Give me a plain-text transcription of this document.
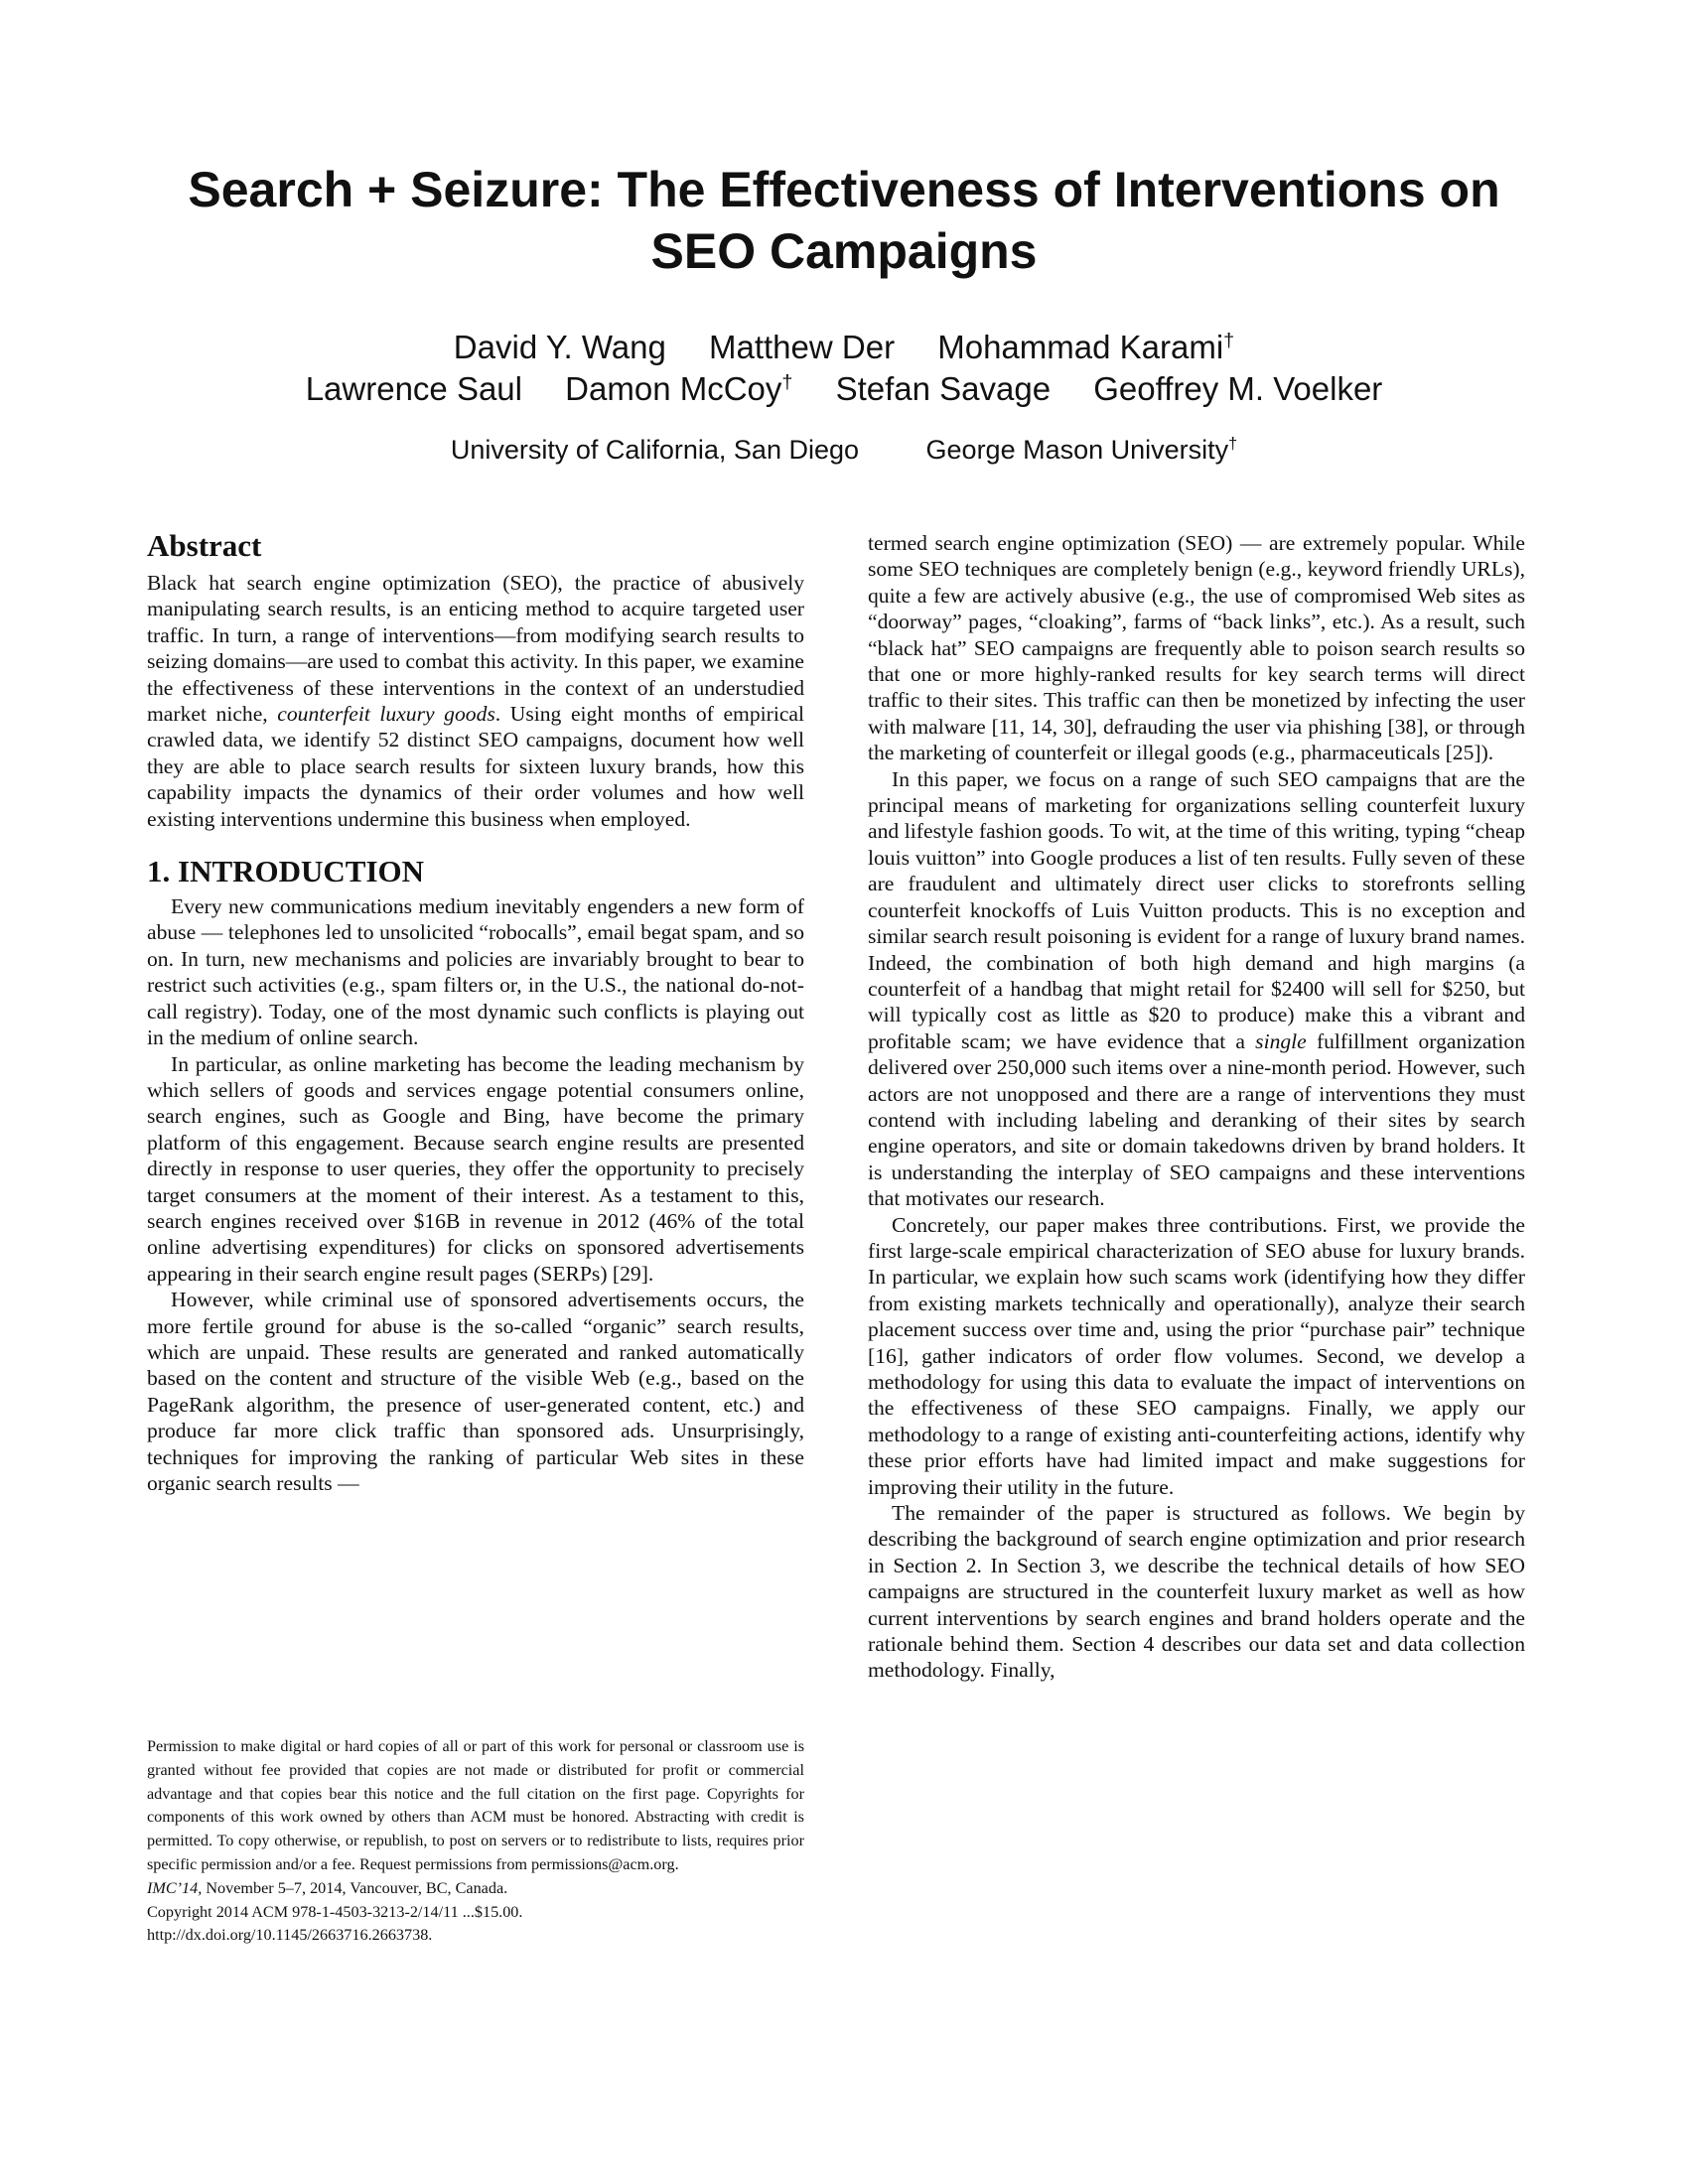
Search + Seizure: The Effectiveness of Interventions on SEO Campaigns
David Y. Wang Matthew Der Mohammad Karami†
Lawrence Saul Damon McCoy† Stefan Savage Geoffrey M. Voelker
University of California, San Diego	George Mason University†
Abstract

Black hat search engine optimization (SEO), the practice of abusively manipulating search results, is an enticing method to acquire targeted user traffic. In turn, a range of interventions—from modifying search results to seizing domains—are used to combat this activity. In this paper, we examine the effectiveness of these interventions in the context of an understudied market niche, counterfeit luxury goods. Using eight months of empirical crawled data, we identify 52 distinct SEO campaigns, document how well they are able to place search results for sixteen luxury brands, how this capability impacts the dynamics of their order volumes and how well existing interventions undermine this business when employed.

1. INTRODUCTION

Every new communications medium inevitably engenders a new form of abuse — telephones led to unsolicited “robocalls”, email begat spam, and so on. In turn, new mechanisms and policies are invariably brought to bear to restrict such activities (e.g., spam filters or, in the U.S., the national do-not-call registry). Today, one of the most dynamic such conflicts is playing out in the medium of online search.

In particular, as online marketing has become the leading mechanism by which sellers of goods and services engage potential consumers online, search engines, such as Google and Bing, have become the primary platform of this engagement. Because search engine results are presented directly in response to user queries, they offer the opportunity to precisely target consumers at the moment of their interest. As a testament to this, search engines received over $16B in revenue in 2012 (46% of the total online advertising expenditures) for clicks on sponsored advertisements appearing in their search engine result pages (SERPs) [29].

However, while criminal use of sponsored advertisements occurs, the more fertile ground for abuse is the so-called “organic” search results, which are unpaid. These results are generated and ranked automatically based on the content and structure of the visible Web (e.g., based on the PageRank algorithm, the presence of user-generated content, etc.) and produce far more click traffic than sponsored ads. Unsurprisingly, techniques for improving the ranking of particular Web sites in these organic search results —

Permission to make digital or hard copies of all or part of this work for personal or classroom use is granted without fee provided that copies are not made or distributed for profit or commercial advantage and that copies bear this notice and the full citation on the first page. Copyrights for components of this work owned by others than ACM must be honored. Abstracting with credit is permitted. To copy otherwise, or republish, to post on servers or to redistribute to lists, requires prior specific permission and/or a fee. Request permissions from permissions@acm.org.

IMC’14, November 5–7, 2014, Vancouver, BC, Canada.

Copyright 2014 ACM 978-1-4503-3213-2/14/11 ...$15.00.

http://dx.doi.org/10.1145/2663716.2663738.

termed search engine optimization (SEO) — are extremely popular. While some SEO techniques are completely benign (e.g., keyword friendly URLs), quite a few are actively abusive (e.g., the use of compromised Web sites as “doorway” pages, “cloaking”, farms of “back links”, etc.). As a result, such “black hat” SEO campaigns are frequently able to poison search results so that one or more highly-ranked results for key search terms will direct traffic to their sites. This traffic can then be monetized by infecting the user with malware [11, 14, 30], defrauding the user via phishing [38], or through the marketing of counterfeit or illegal goods (e.g., pharmaceuticals [25]).

In this paper, we focus on a range of such SEO campaigns that are the principal means of marketing for organizations selling counterfeit luxury and lifestyle fashion goods. To wit, at the time of this writing, typing “cheap louis vuitton” into Google produces a list of ten results. Fully seven of these are fraudulent and ultimately direct user clicks to storefronts selling counterfeit knockoffs of Luis Vuitton products. This is no exception and similar search result poisoning is evident for a range of luxury brand names. Indeed, the combination of both high demand and high margins (a counterfeit of a handbag that might retail for $2400 will sell for $250, but will typically cost as little as $20 to produce) make this a vibrant and profitable scam; we have evidence that a single fulfillment organization delivered over 250,000 such items over a nine-month period. However, such actors are not unopposed and there are a range of interventions they must contend with including labeling and deranking of their sites by search engine operators, and site or domain takedowns driven by brand holders. It is understanding the interplay of SEO campaigns and these interventions that motivates our research.

Concretely, our paper makes three contributions. First, we provide the first large-scale empirical characterization of SEO abuse for luxury brands. In particular, we explain how such scams work (identifying how they differ from existing markets technically and operationally), analyze their search placement success over time and, using the prior “purchase pair” technique [16], gather indicators of order flow volumes. Second, we develop a methodology for using this data to evaluate the impact of interventions on the effectiveness of these SEO campaigns. Finally, we apply our methodology to a range of existing anti-counterfeiting actions, identify why these prior efforts have had limited impact and make suggestions for improving their utility in the future.

The remainder of the paper is structured as follows. We begin by describing the background of search engine optimization and prior research in Section 2. In Section 3, we describe the technical details of how SEO campaigns are structured in the counterfeit luxury market as well as how current interventions by search engines and brand holders operate and the rationale behind them. Section 4 describes our data set and data collection methodology. Finally,
